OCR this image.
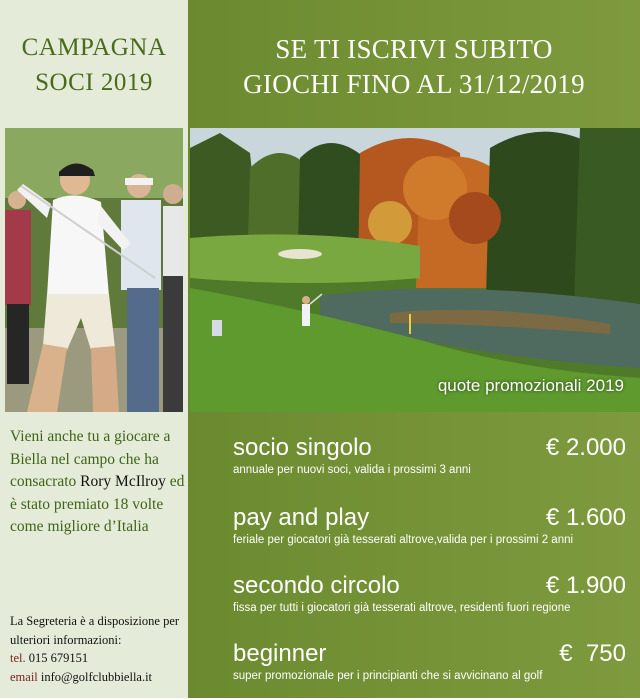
CAMPAGNA
SOCI 2019
Vieni anche tu a giocare a Biella nel campo che ha consacrato Rory McIlroy ed è stato premiato 18 volte come migliore d’Italia
La Segreteria è a disposizione per ulteriori informazioni:
tel. 015 679151
email info@golfclubbiella.it
SE TI ISCRIVI SUBITO
GIOCHI FINO AL 31/12/2019
quote promozionali 2019
socio singolo	€ 2.000
annuale per nuovi soci, valida i prossimi 3 anni
pay and play	€ 1.600
feriale per giocatori già tesserati altrove,valida per i prossimi 2 anni
secondo circolo	€ 1.900
fissa per tutti i giocatori già tesserati altrove, residenti fuori regione
beginner	€  750
super promozionale per i principianti che si avvicinano al golf
